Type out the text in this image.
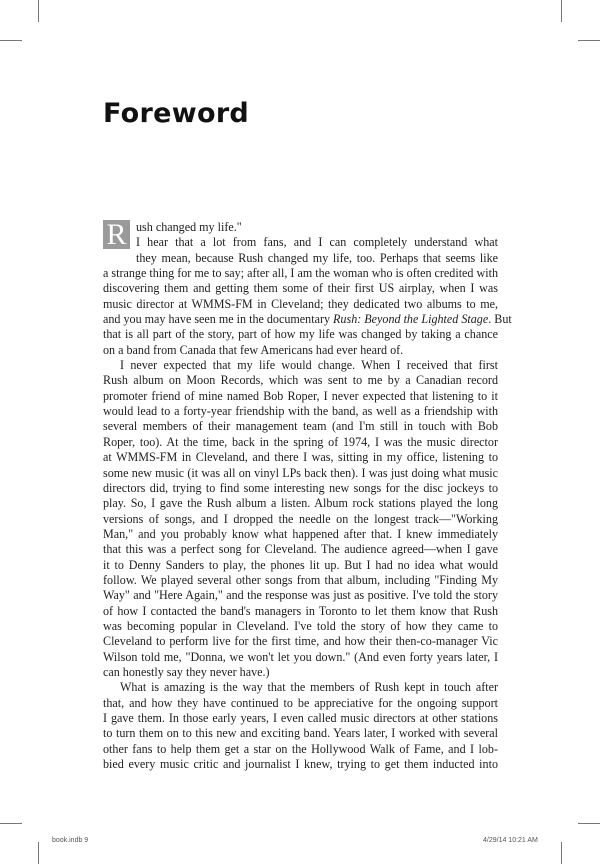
Foreword
R ush changed my life."
I hear that a lot from fans, and I can completely understand what
they mean, because Rush changed my life, too. Perhaps that seems like
a strange thing for me to say; after all, I am the woman who is often credited with
discovering them and getting them some of their first US airplay, when I was
music director at WMMS-FM in Cleveland; they dedicated two albums to me,
and you may have seen me in the documentary Rush: Beyond the Lighted Stage. But
that is all part of the story, part of how my life was changed by taking a chance
on a band from Canada that few Americans had ever heard of.
I never expected that my life would change. When I received that first
Rush album on Moon Records, which was sent to me by a Canadian record
promoter friend of mine named Bob Roper, I never expected that listening to it
would lead to a forty-year friendship with the band, as well as a friendship with
several members of their management team (and I'm still in touch with Bob
Roper, too). At the time, back in the spring of 1974, I was the music director
at WMMS-FM in Cleveland, and there I was, sitting in my office, listening to
some new music (it was all on vinyl LPs back then). I was just doing what music
directors did, trying to find some interesting new songs for the disc jockeys to
play. So, I gave the Rush album a listen. Album rock stations played the long
versions of songs, and I dropped the needle on the longest track—"Working
Man," and you probably know what happened after that. I knew immediately
that this was a perfect song for Cleveland. The audience agreed—when I gave
it to Denny Sanders to play, the phones lit up. But I had no idea what would
follow. We played several other songs from that album, including "Finding My
Way" and "Here Again," and the response was just as positive. I've told the story
of how I contacted the band's managers in Toronto to let them know that Rush
was becoming popular in Cleveland. I've told the story of how they came to
Cleveland to perform live for the first time, and how their then-co-manager Vic
Wilson told me, "Donna, we won't let you down." (And even forty years later, I
can honestly say they never have.)
What is amazing is the way that the members of Rush kept in touch after
that, and how they have continued to be appreciative for the ongoing support
I gave them. In those early years, I even called music directors at other stations
to turn them on to this new and exciting band. Years later, I worked with several
other fans to help them get a star on the Hollywood Walk of Fame, and I lob-
bied every music critic and journalist I knew, trying to get them inducted into
book.indb 9	4/29/14 10:21 AM
